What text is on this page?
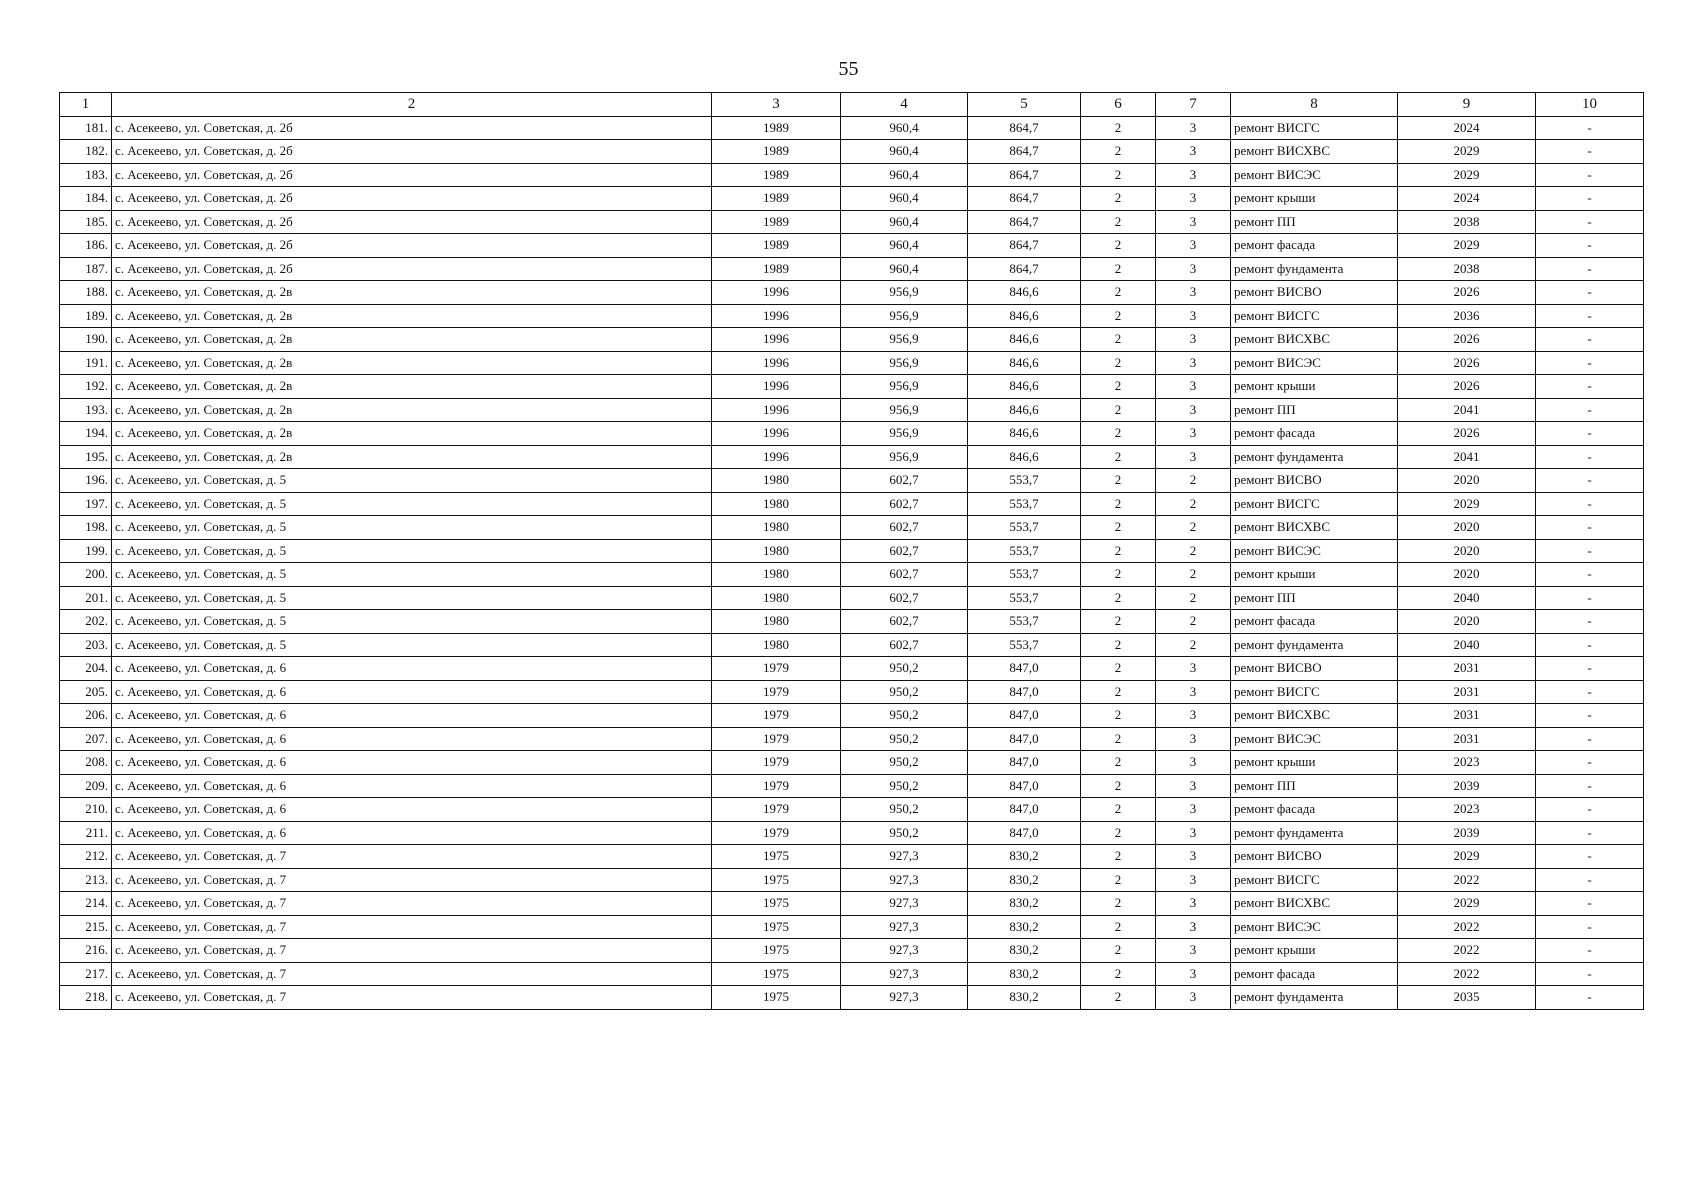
55
1	2	3	4	5	6	7	8	9	10
181.	с. Асекеево, ул. Советская, д. 2б	1989	960,4	864,7	2	3	ремонт ВИСГС	2024	-
182.	с. Асекеево, ул. Советская, д. 2б	1989	960,4	864,7	2	3	ремонт ВИСХВС	2029	-
183.	с. Асекеево, ул. Советская, д. 2б	1989	960,4	864,7	2	3	ремонт ВИСЭС	2029	-
184.	с. Асекеево, ул. Советская, д. 2б	1989	960,4	864,7	2	3	ремонт крыши	2024	-
185.	с. Асекеево, ул. Советская, д. 2б	1989	960,4	864,7	2	3	ремонт ПП	2038	-
186.	с. Асекеево, ул. Советская, д. 2б	1989	960,4	864,7	2	3	ремонт фасада	2029	-
187.	с. Асекеево, ул. Советская, д. 2б	1989	960,4	864,7	2	3	ремонт фундамента	2038	-
188.	с. Асекеево, ул. Советская, д. 2в	1996	956,9	846,6	2	3	ремонт ВИСВО	2026	-
189.	с. Асекеево, ул. Советская, д. 2в	1996	956,9	846,6	2	3	ремонт ВИСГС	2036	-
190.	с. Асекеево, ул. Советская, д. 2в	1996	956,9	846,6	2	3	ремонт ВИСХВС	2026	-
191.	с. Асекеево, ул. Советская, д. 2в	1996	956,9	846,6	2	3	ремонт ВИСЭС	2026	-
192.	с. Асекеево, ул. Советская, д. 2в	1996	956,9	846,6	2	3	ремонт крыши	2026	-
193.	с. Асекеево, ул. Советская, д. 2в	1996	956,9	846,6	2	3	ремонт ПП	2041	-
194.	с. Асекеево, ул. Советская, д. 2в	1996	956,9	846,6	2	3	ремонт фасада	2026	-
195.	с. Асекеево, ул. Советская, д. 2в	1996	956,9	846,6	2	3	ремонт фундамента	2041	-
196.	с. Асекеево, ул. Советская, д. 5	1980	602,7	553,7	2	2	ремонт ВИСВО	2020	-
197.	с. Асекеево, ул. Советская, д. 5	1980	602,7	553,7	2	2	ремонт ВИСГС	2029	-
198.	с. Асекеево, ул. Советская, д. 5	1980	602,7	553,7	2	2	ремонт ВИСХВС	2020	-
199.	с. Асекеево, ул. Советская, д. 5	1980	602,7	553,7	2	2	ремонт ВИСЭС	2020	-
200.	с. Асекеево, ул. Советская, д. 5	1980	602,7	553,7	2	2	ремонт крыши	2020	-
201.	с. Асекеево, ул. Советская, д. 5	1980	602,7	553,7	2	2	ремонт ПП	2040	-
202.	с. Асекеево, ул. Советская, д. 5	1980	602,7	553,7	2	2	ремонт фасада	2020	-
203.	с. Асекеево, ул. Советская, д. 5	1980	602,7	553,7	2	2	ремонт фундамента	2040	-
204.	с. Асекеево, ул. Советская, д. 6	1979	950,2	847,0	2	3	ремонт ВИСВО	2031	-
205.	с. Асекеево, ул. Советская, д. 6	1979	950,2	847,0	2	3	ремонт ВИСГС	2031	-
206.	с. Асекеево, ул. Советская, д. 6	1979	950,2	847,0	2	3	ремонт ВИСХВС	2031	-
207.	с. Асекеево, ул. Советская, д. 6	1979	950,2	847,0	2	3	ремонт ВИСЭС	2031	-
208.	с. Асекеево, ул. Советская, д. 6	1979	950,2	847,0	2	3	ремонт крыши	2023	-
209.	с. Асекеево, ул. Советская, д. 6	1979	950,2	847,0	2	3	ремонт ПП	2039	-
210.	с. Асекеево, ул. Советская, д. 6	1979	950,2	847,0	2	3	ремонт фасада	2023	-
211.	с. Асекеево, ул. Советская, д. 6	1979	950,2	847,0	2	3	ремонт фундамента	2039	-
212.	с. Асекеево, ул. Советская, д. 7	1975	927,3	830,2	2	3	ремонт ВИСВО	2029	-
213.	с. Асекеево, ул. Советская, д. 7	1975	927,3	830,2	2	3	ремонт ВИСГС	2022	-
214.	с. Асекеево, ул. Советская, д. 7	1975	927,3	830,2	2	3	ремонт ВИСХВС	2029	-
215.	с. Асекеево, ул. Советская, д. 7	1975	927,3	830,2	2	3	ремонт ВИСЭС	2022	-
216.	с. Асекеево, ул. Советская, д. 7	1975	927,3	830,2	2	3	ремонт крыши	2022	-
217.	с. Асекеево, ул. Советская, д. 7	1975	927,3	830,2	2	3	ремонт фасада	2022	-
218.	с. Асекеево, ул. Советская, д. 7	1975	927,3	830,2	2	3	ремонт фундамента	2035	-
